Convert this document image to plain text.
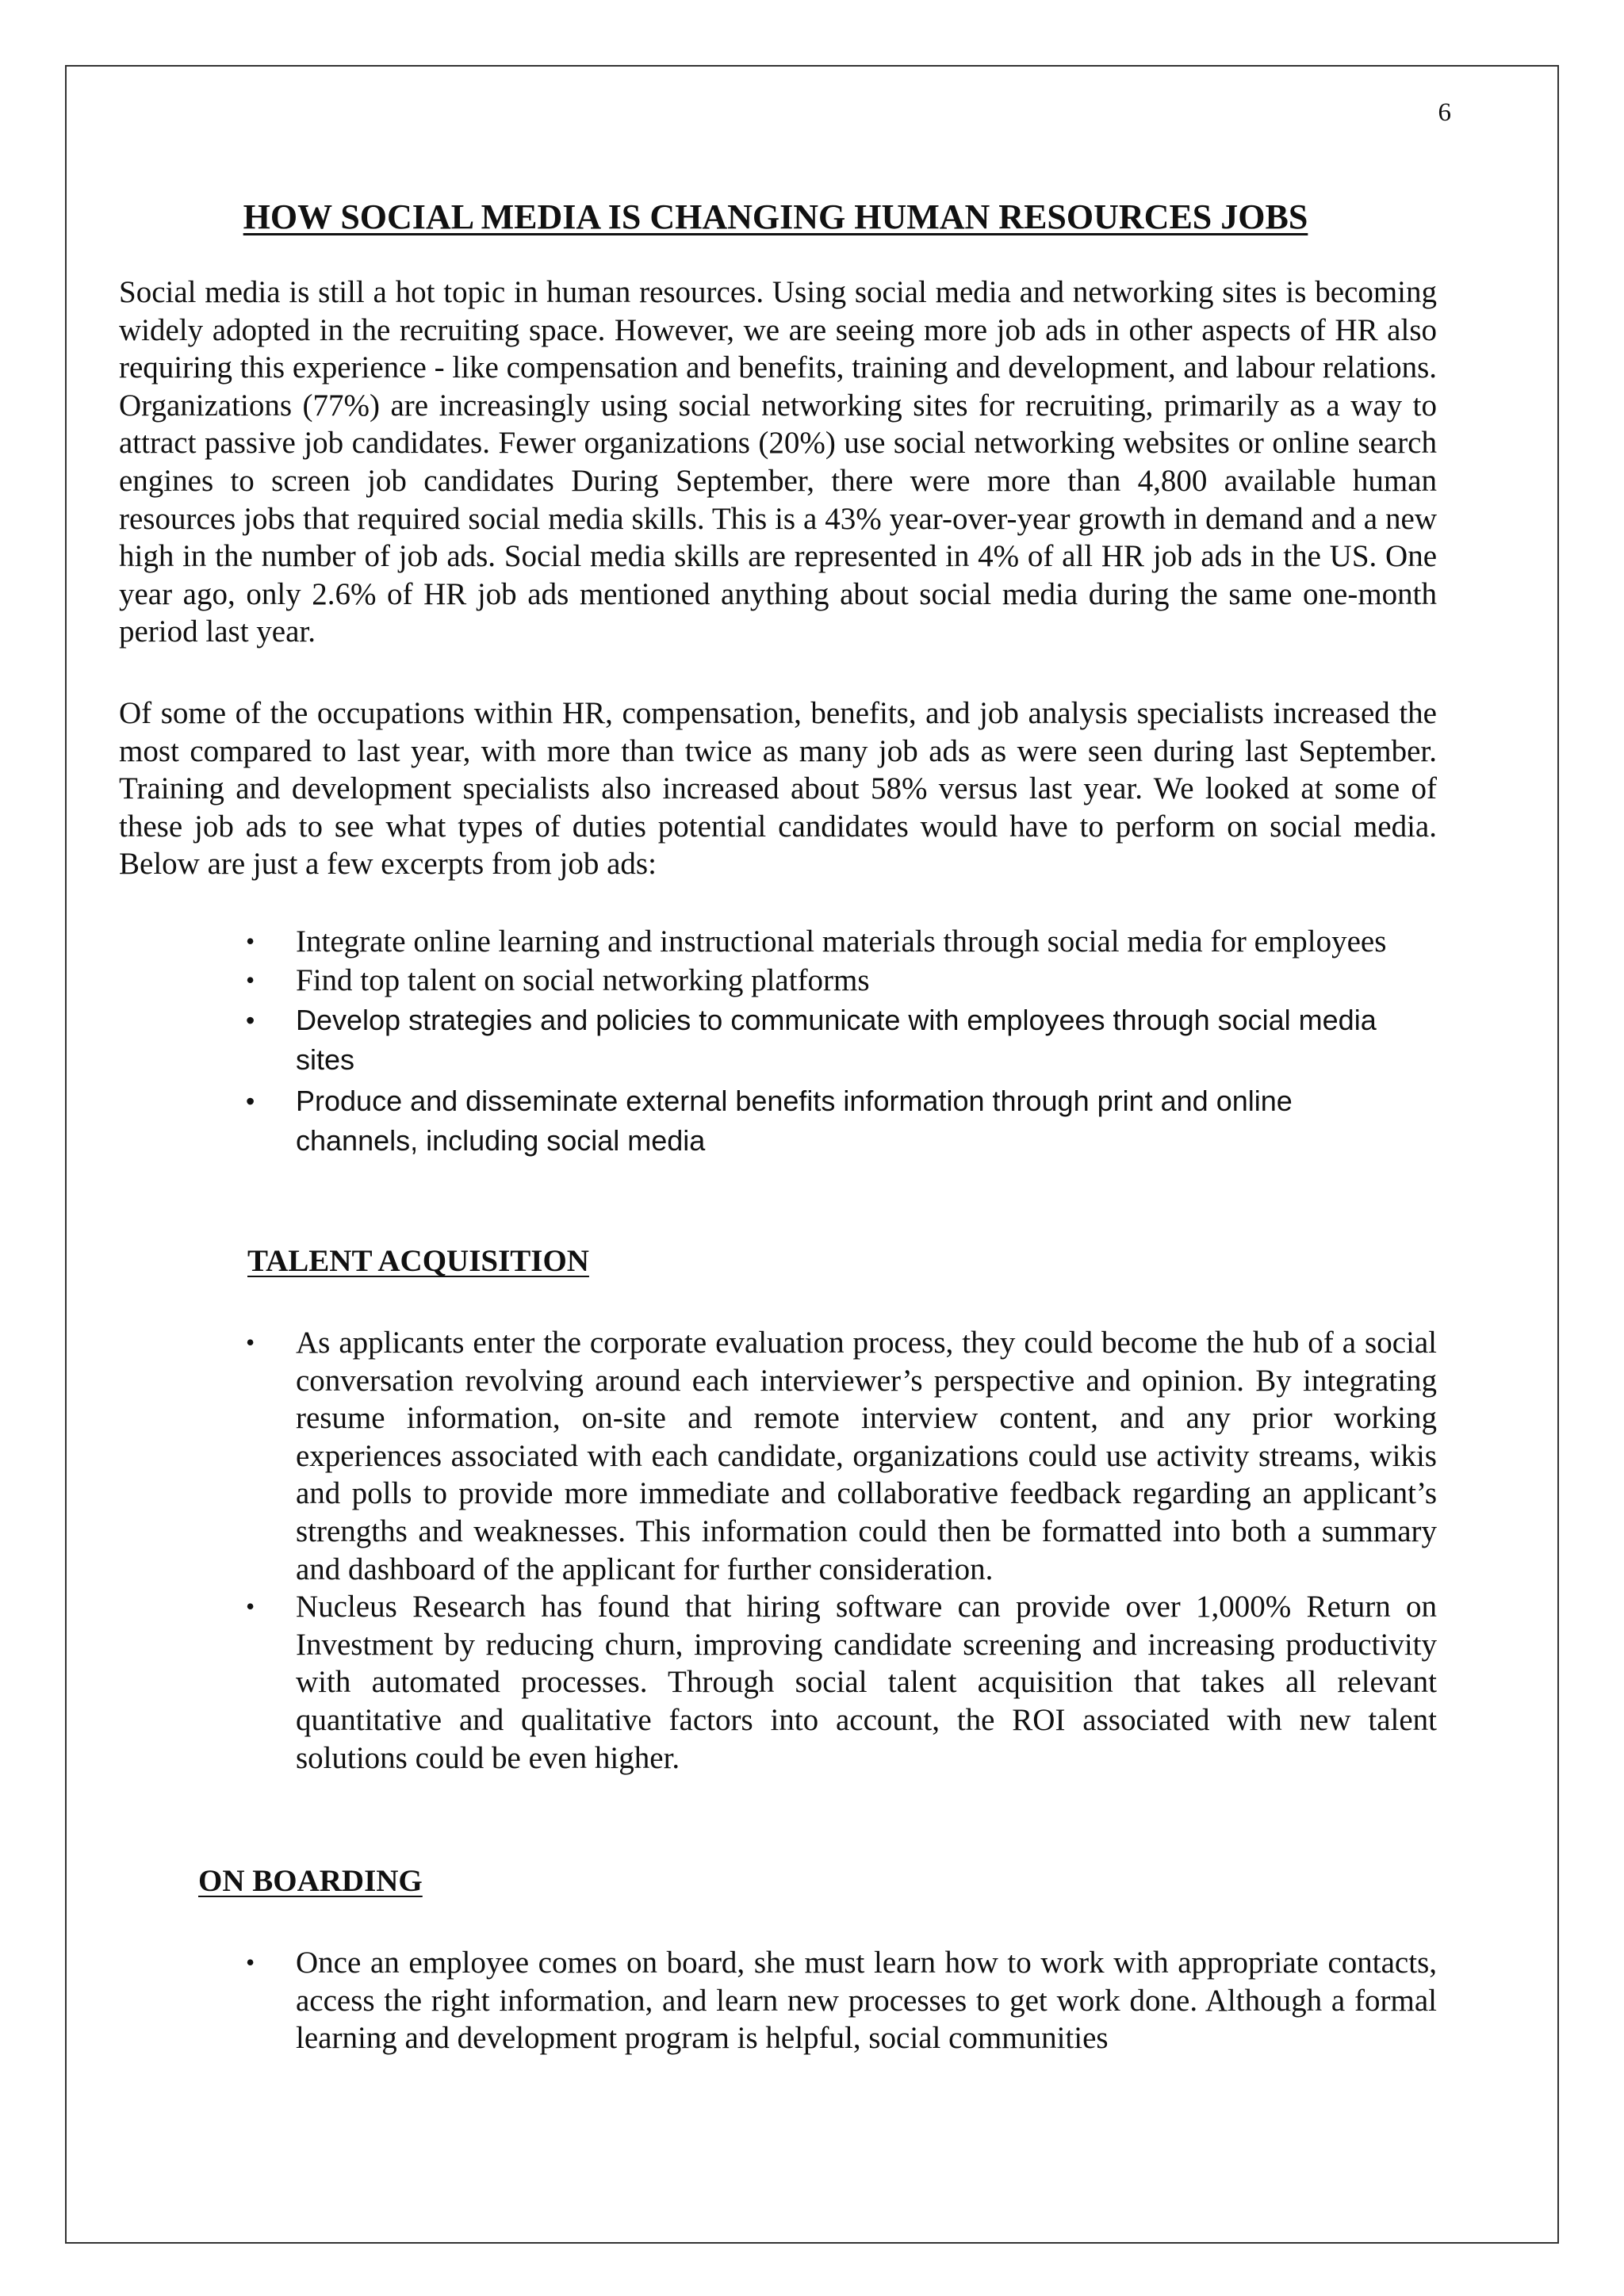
6
HOW SOCIAL MEDIA IS CHANGING HUMAN RESOURCES JOBS

Social media is still a hot topic in human resources. Using social media and networking sites is becoming widely adopted in the recruiting space. However, we are seeing more job ads in other aspects of HR also requiring this experience - like compensation and benefits, training and development, and labour relations. Organizations (77%) are increasingly using social networking sites for recruiting, primarily as a way to attract passive job candidates. Fewer organizations (20%) use social networking websites or online search engines to screen job candidates During September, there were more than 4,800 available human resources jobs that required social media skills. This is a 43% year-over-year growth in demand and a new high in the number of job ads. Social media skills are represented in 4% of all HR job ads in the US. One year ago, only 2.6% of HR job ads mentioned anything about social media during the same one-month period last year.

Of some of the occupations within HR, compensation, benefits, and job analysis specialists increased the most compared to last year, with more than twice as many job ads as were seen during last September. Training and development specialists also increased about 58% versus last year. We looked at some of these job ads to see what types of duties potential candidates would have to perform on social media. Below are just a few excerpts from job ads:

• Integrate online learning and instructional materials through social media for employees
• Find top talent on social networking platforms
• Develop strategies and policies to communicate with employees through social media sites
• Produce and disseminate external benefits information through print and online channels, including social media
TALENT ACQUISITION
• As applicants enter the corporate evaluation process, they could become the hub of a social conversation revolving around each interviewer’s perspective and opinion. By integrating resume information, on-site and remote interview content, and any prior working experiences associated with each candidate, organizations could use activity streams, wikis and polls to provide more immediate and collaborative feedback regarding an applicant’s strengths and weaknesses. This information could then be formatted into both a summary and dashboard of the applicant for further consideration.
• Nucleus Research has found that hiring software can provide over 1,000% Return on Investment by reducing churn, improving candidate screening and increasing productivity with automated processes. Through social talent acquisition that takes all relevant quantitative and qualitative factors into account, the ROI associated with new talent solutions could be even higher.
ON BOARDING
• Once an employee comes on board, she must learn how to work with appropriate contacts, access the right information, and learn new processes to get work done. Although a formal learning and development program is helpful, social communities
